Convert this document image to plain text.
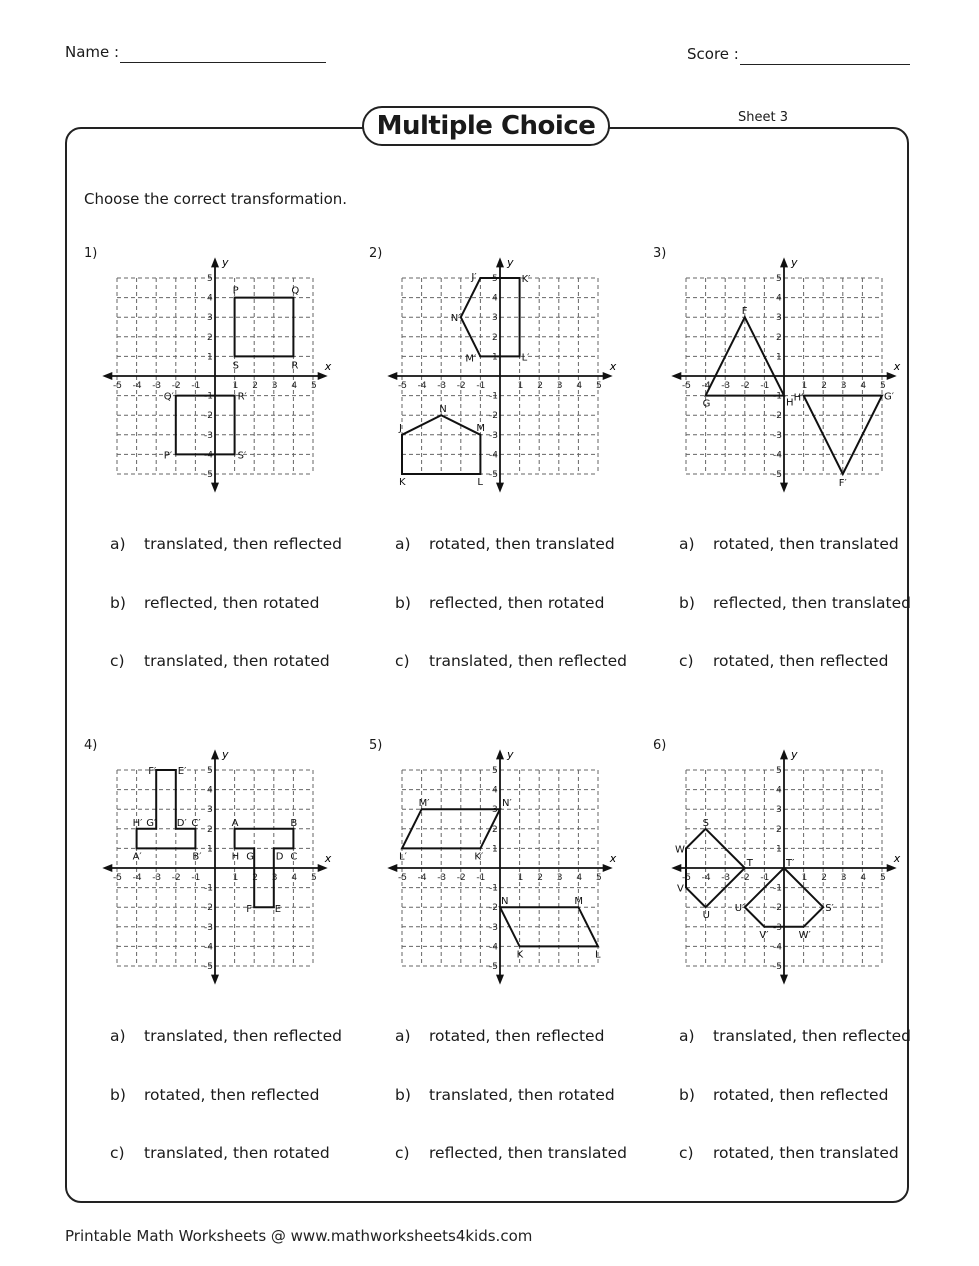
Name :	Score :
Multiple Choice	Sheet 3
Choose the correct transformation.
1)
x
y
-5
-5
-4
-4
-3
-3
-2
-2
-1
-1
1
1
2
2
3
3
4
4
5
5
P	Q
S	R
Q′	R′
P′	S′
a) translated, then reflected
b) reflected, then rotated
c) translated, then rotated
2)
x
y
-5
-5
-4
-4
-3
-3
-2
-2
-1
-1
1
1
2
2
3
3
4
4
5
5
J
N
M
K	L
J′	K′
L′
M′
N′
a) rotated, then translated
b) reflected, then rotated
c) translated, then reflected
3)
x
y
-5
-5
-4
-4
-3
-3
-2
-2
-1
-1
1
1
2
2
3
3
4
4
5
5
F
G	H H′	G′
F′
a) rotated, then translated
b) reflected, then translated
c) rotated, then reflected
4)
x
y
-5
-5
-4
-4
-3
-3
-2
-2
-1
-1
1
1
2
2
3
3
4
4
5
5
A	B
H G D C
F E
A′	B′
H′ G′ D′ C′
F′ E′
a) translated, then reflected
b) rotated, then reflected
c) translated, then rotated
5)
x
y
-5
-5
-4
-4
-3
-3
-2
-2
-1
-1
1
1
2
2
3
3
4
4
5
5
N	M
L
K
M′	N′
L′	K′
a) rotated, then reflected
b) translated, then rotated
c) reflected, then translated
6)
x
y
-5
-5
-4
-4
-3
-3
-2
-2
-1
-1
1
1
2
2
3
3
4
4
5
5
S
T
U
V
W
T′
S′
W′
V′
U′
a) translated, then reflected
b) rotated, then reflected
c) rotated, then translated
Printable Math Worksheets @ www.mathworksheets4kids.com
